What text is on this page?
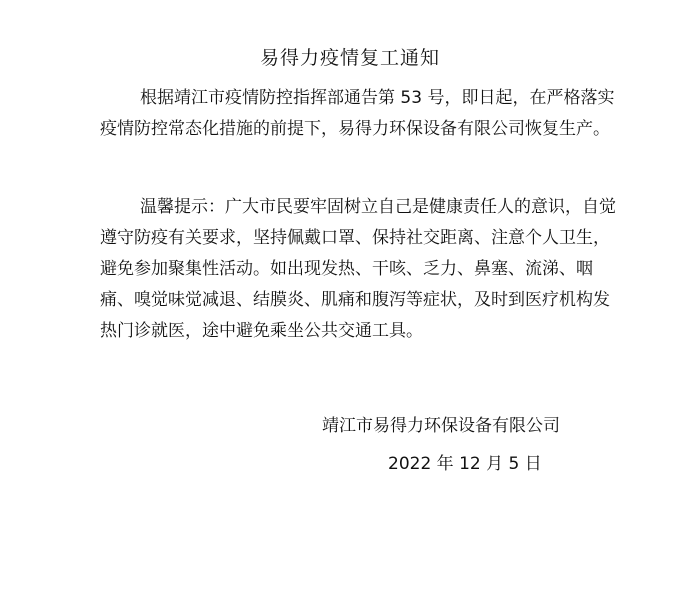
易得力疫情复工通知

根据靖江市疫情防控指挥部通告第 53 号，即日起，在严格落实疫情防控常态化措施的前提下，易得力环保设备有限公司恢复生产。

温馨提示：广大市民要牢固树立自己是健康责任人的意识，自觉遵守防疫有关要求，坚持佩戴口罩、保持社交距离、注意个人卫生，避免参加聚集性活动。如出现发热、干咳、乏力、鼻塞、流涕、咽痛、嗅觉味觉减退、结膜炎、肌痛和腹泻等症状，及时到医疗机构发热门诊就医，途中避免乘坐公共交通工具。

靖江市易得力环保设备有限公司
2022 年 12 月 5 日
